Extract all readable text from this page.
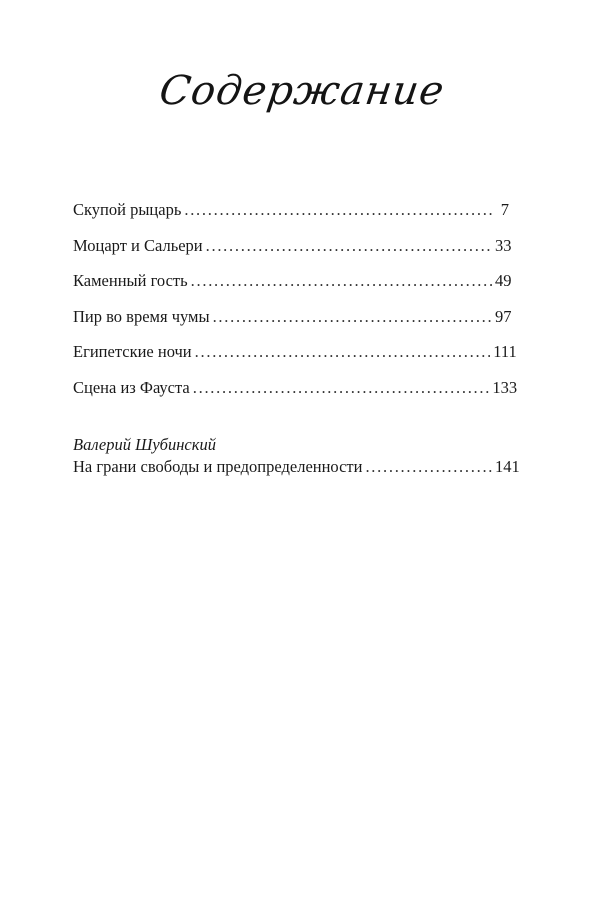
Содержание
Скупой рыцарь . . .	7
Моцарт и Сальери . . .	33
Каменный гость . . .	49
Пир во время чумы . . .	97
Египетские ночи . . .	111
Сцена из Фауста . . .	133
Валерий Шубинский
На грани свободы и предопределенности . . .	141
